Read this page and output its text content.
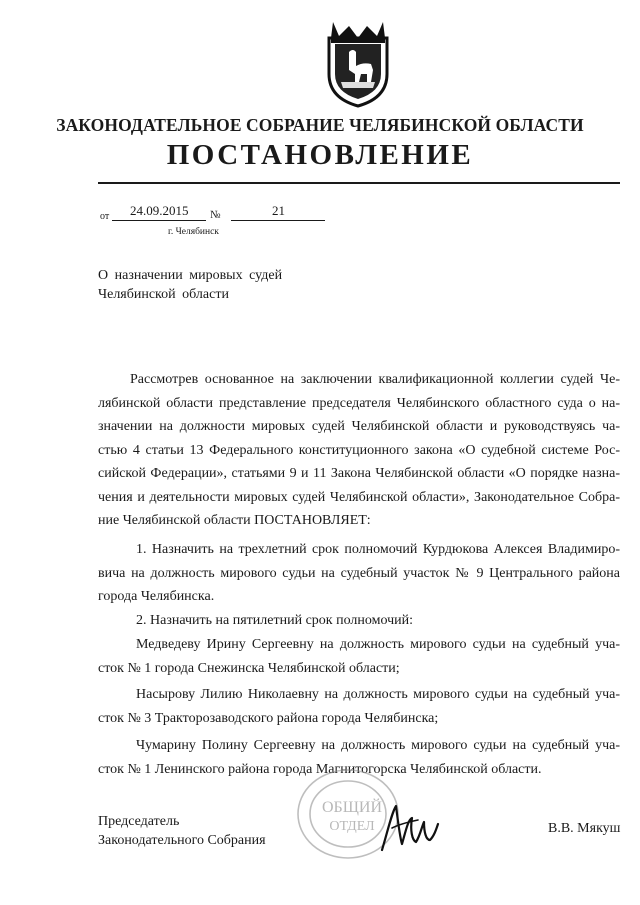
ЗАКОНОДАТЕЛЬНОЕ СОБРАНИЕ ЧЕЛЯБИНСКОЙ ОБЛАСТИ
ПОСТАНОВЛЕНИЕ
от 24.09.2015 №	21
г. Челябинск
О назначении мировых судей
Челябинской области
Рассмотрев основанное на заключении квалификационной коллегии судей Че-
лябинской области представление председателя Челябинского областного суда о на-
значении на должности мировых судей Челябинской области и руководствуясь ча-
стью 4 статьи 13 Федерального конституционного закона «О судебной системе Рос-
сийской Федерации», статьями 9 и 11 Закона Челябинской области «О порядке назна-
чения и деятельности мировых судей Челябинской области», Законодательное Собра-
ние Челябинской области ПОСТАНОВЛЯЕТ:
1. Назначить на трехлетний срок полномочий Курдюкова Алексея Владимиро-
вича на должность мирового судьи на судебный участок № 9 Центрального района
города Челябинска.
2. Назначить на пятилетний срок полномочий:
Медведеву Ирину Сергеевну на должность мирового судьи на судебный уча-
сток № 1 города Снежинска Челябинской области;
Насырову Лилию Николаевну на должность мирового судьи на судебный уча-
сток № 3 Тракторозаводского района города Челябинска;
Чумарину Полину Сергеевну на должность мирового судьи на судебный уча-
сток № 1 Ленинского района города Магнитогорска Челябинской области.
ОБЩИЙ
ОТДЕЛ
Председатель
Законодательного Собрания
В.В. Мякуш
